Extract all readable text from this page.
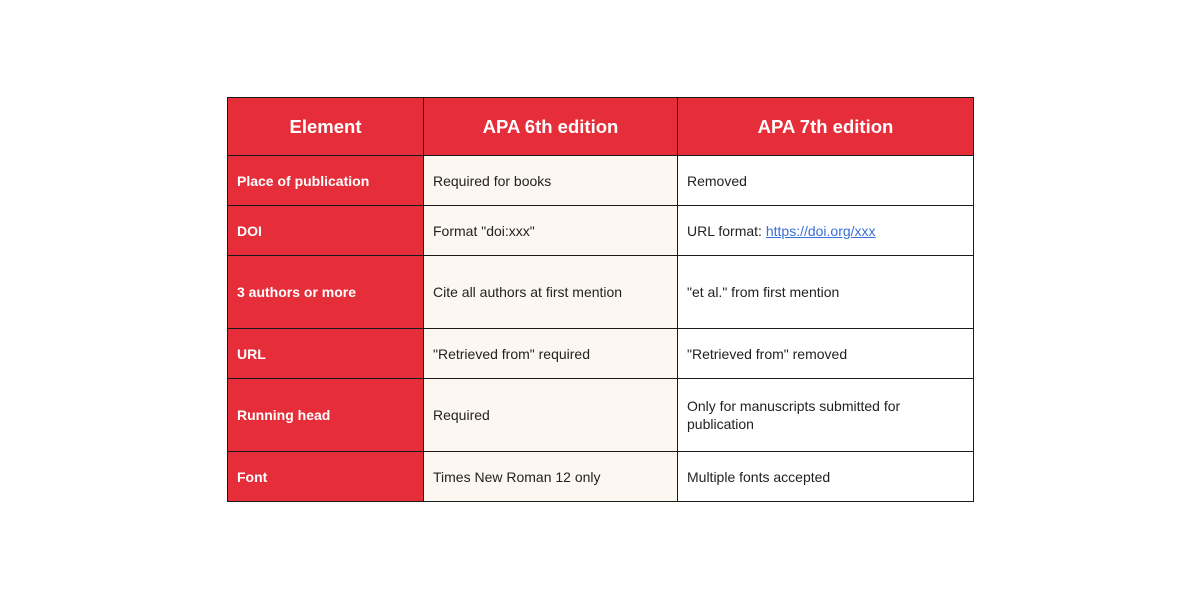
Element	APA 6th edition	APA 7th edition
Place of publication	Required for books	Removed
DOI	Format "doi:xxx"	URL format: https://doi.org/xxx
3 authors or more	Cite all authors at first mention	"et al." from first mention
URL	"Retrieved from" required	"Retrieved from" removed
Running head	Required	Only for manuscripts submitted for publication
Font	Times New Roman 12 only	Multiple fonts accepted
